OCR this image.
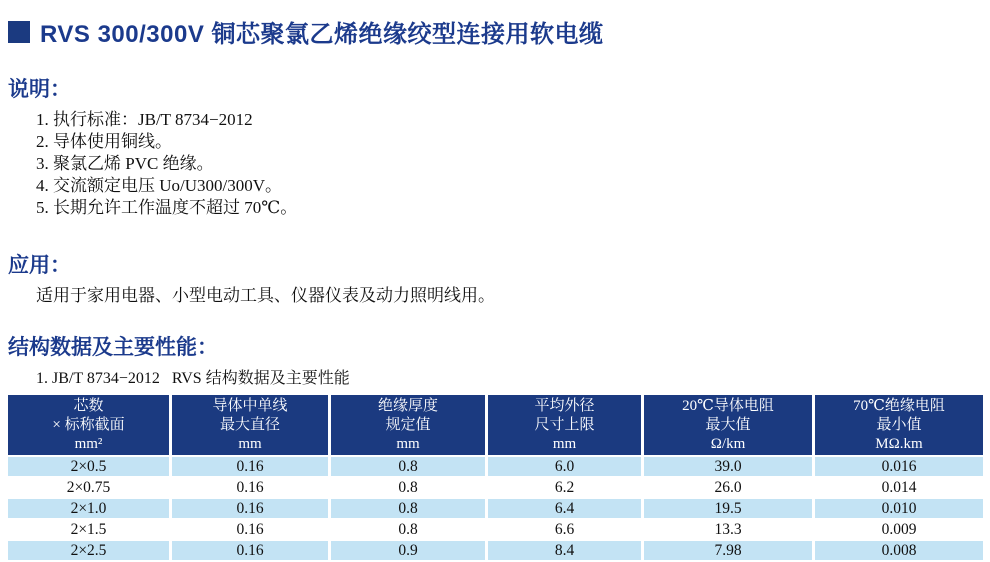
RVS 300/300V 铜芯聚氯乙烯绝缘绞型连接用软电缆
说明：
1. 执行标准：JB/T 8734−2012
2. 导体使用铜线。
3. 聚氯乙烯 PVC 绝缘。
4. 交流额定电压 Uo/U300/300V。
5. 长期允许工作温度不超过 70℃。
应用：

适用于家用电器、小型电动工具、仪器仪表及动力照明线用。

结构数据及主要性能：

1. JB/T 8734−2012   RVS 结构数据及主要性能

芯数
× 标称截面
mm²	导体中单线
最大直径
mm	绝缘厚度
规定值
mm	平均外径
尺寸上限
mm	20℃导体电阻
最大值
Ω/km	70℃绝缘电阻
最小值
MΩ.km

2×0.5	0.16	0.8	6.0	39.0	0.016
2×0.75	0.16	0.8	6.2	26.0	0.014
2×1.0	0.16	0.8	6.4	19.5	0.010
2×1.5	0.16	0.8	6.6	13.3	0.009
2×2.5	0.16	0.9	8.4	7.98	0.008
